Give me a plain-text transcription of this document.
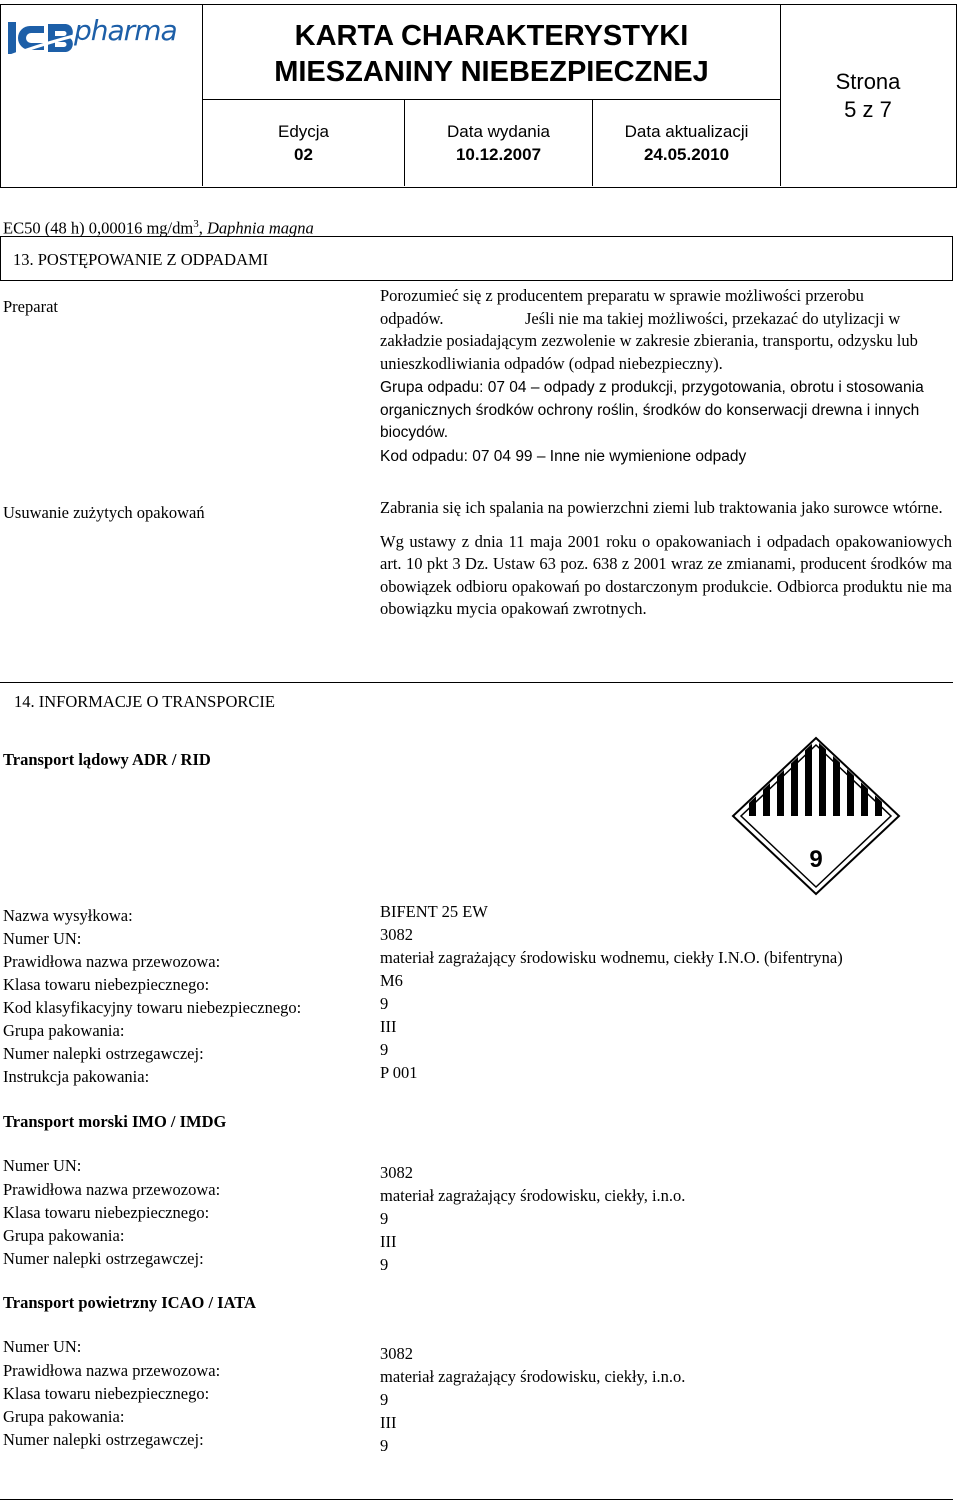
pharma	KARTA CHARAKTERYSTYKI
MIESZANINY NIEBEZPIECZNEJ
Edycja
02
Data wydania
10.12.2007
Data aktualizacji
24.05.2010
Strona
5 z 7
EC50 (48 h) 0,00016 $mg/dm^3$, Daphnia magna
13. POSTĘPOWANIE Z ODPADAMI
Preparat
Porozumieć się z producentem preparatu w sprawie możliwości przerobu odpadów.	Jeśli nie ma takiej możliwości, przekazać do utylizacji w zakładzie posiadającym zezwolenie w zakresie zbierania, transportu, odzysku lub unieszkodliwiania odpadów (odpad niebezpieczny).
Grupa odpadu: 07 04 – odpady z produkcji, przygotowania, obrotu i stosowania organicznych środków ochrony roślin, środków do konserwacji drewna i innych biocydów.
Kod odpadu: 07 04 99 – Inne nie wymienione odpady
Usuwanie zużytych opakowań	Zabrania się ich spalania na powierzchni ziemi lub traktowania jako surowce wtórne.
Wg ustawy z dnia 11 maja 2001 roku o opakowaniach i odpadach opakowaniowych art. 10 pkt 3 Dz. Ustaw 63 poz. 638 z 2001 wraz ze zmianami, producent środków ma obowiązek odbioru opakowań po dostarczonym produkcie. Odbiorca produktu nie ma obowiązku mycia opakowań zwrotnych.
14. INFORMACJE O TRANSPORCIE
Transport lądowy ADR / RID
9
Nazwa wysyłkowa:	BIFENT 25 EW
Numer UN:	3082
Prawidłowa nazwa przewozowa:	materiał zagrażający środowisku wodnemu, ciekły I.N.O. (bifentryna)
Klasa towaru niebezpiecznego:	M6
Kod klasyfikacyjny towaru niebezpiecznego:	9
Grupa pakowania:	III
Numer nalepki ostrzegawczej:	9
Instrukcja pakowania:	P 001
Transport morski IMO / IMDG
Numer UN:	3082
Prawidłowa nazwa przewozowa:	materiał zagrażający środowisku, ciekły, i.n.o.
Klasa towaru niebezpiecznego:	9
Grupa pakowania:	III
Numer nalepki ostrzegawczej:	9
Transport powietrzny ICAO / IATA
Numer UN:	3082
Prawidłowa nazwa przewozowa:	materiał zagrażający środowisku, ciekły, i.n.o.
Klasa towaru niebezpiecznego:	9
Grupa pakowania:	III
Numer nalepki ostrzegawczej:	9
